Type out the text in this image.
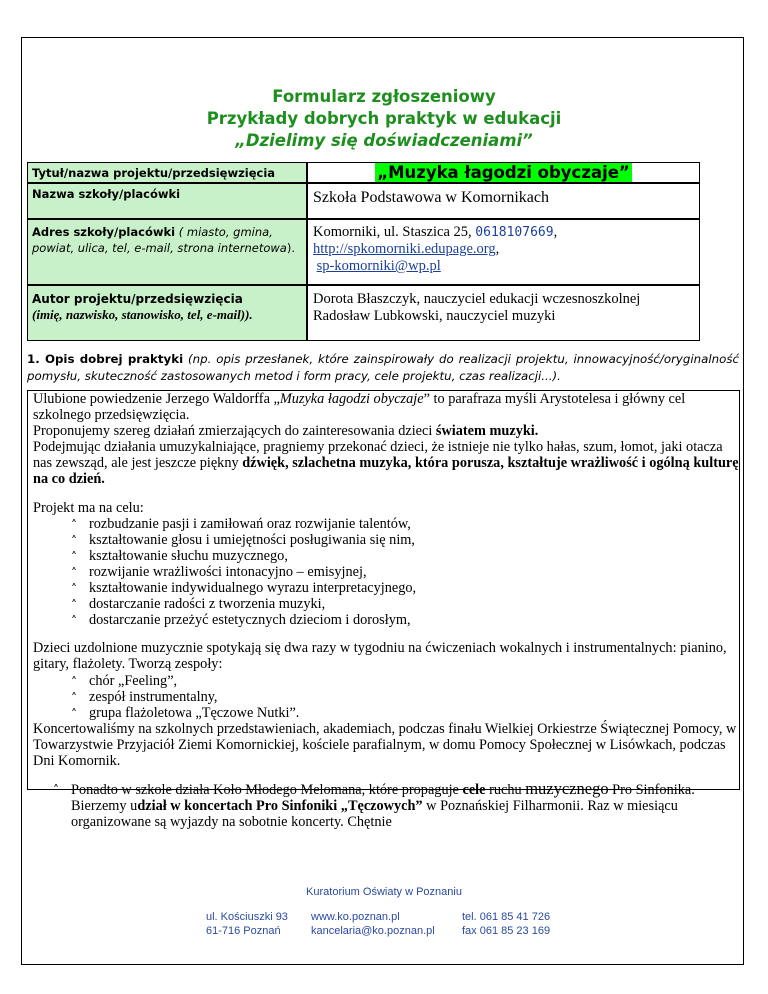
Formularz zgłoszeniowy
Przykłady dobrych praktyk w edukacji
„Dzielimy się doświadczeniami”
Tytuł/nazwa projektu/przedsięwzięcia	„Muzyka łagodzi obyczaje”
Nazwa szkoły/placówki	Szkoła Podstawowa w Komornikach
Adres szkoły/placówki ( miasto, gmina, powiat, ulica, tel, e-mail, strona internetowa).
Komorniki, ul. Staszica 25, 0618107669,
http://spkomorniki.edupage.org,
sp-komorniki@wp.pl
Autor projektu/przedsięwzięcia
(imię, nazwisko, stanowisko, tel, e-mail)).
Dorota Błaszczyk, nauczyciel edukacji wczesnoszkolnej
Radosław Lubkowski, nauczyciel muzyki
1. Opis dobrej praktyki (np. opis przesłanek, które zainspirowały do realizacji projektu, innowacyjność/oryginalność pomysłu, skuteczność zastosowanych metod i form pracy, cele projektu, czas realizacji...).

Ulubione powiedzenie Jerzego Waldorffa „Muzyka łagodzi obyczaje” to parafraza myśli Arystotelesa i główny cel szkolnego przedsięwzięcia.

Proponujemy szereg działań zmierzających do zainteresowania dzieci światem muzyki.

Podejmując działania umuzykalniające, pragniemy przekonać dzieci, że istnieje nie tylko hałas, szum, łomot, jaki otacza nas zewsząd, ale jest jeszcze piękny dźwięk, szlachetna muzyka, która porusza, kształtuje wrażliwość i ogólną kulturę na co dzień.

Projekt ma na celu:

˄ rozbudzanie pasji i zamiłowań oraz rozwijanie talentów,
˄ kształtowanie głosu i umiejętności posługiwania się nim,
˄ kształtowanie słuchu muzycznego,
˄ rozwijanie wrażliwości intonacyjno – emisyjnej,
˄ kształtowanie indywidualnego wyrazu interpretacyjnego,
˄ dostarczanie radości z tworzenia muzyki,
˄ dostarczanie przeżyć estetycznych dzieciom i dorosłym,

Dzieci uzdolnione muzycznie spotykają się dwa razy w tygodniu na ćwiczeniach wokalnych i instrumentalnych: pianino, gitary, flażolety. Tworzą zespoły:

˄ chór „Feeling”,
˄ zespół instrumentalny,
˄ grupa flażoletowa „Tęczowe Nutki”.

Koncertowaliśmy na szkolnych przedstawieniach, akademiach, podczas finału Wielkiej Orkiestrze Świątecznej Pomocy, w Towarzystwie Przyjaciół Ziemi Komornickiej, kościele parafialnym, w domu Pomocy Społecznej w Lisówkach, podczas Dni Komornik.

˄ Ponadto w szkole działa Koło Młodego Melomana, które propaguje cele ruchu muzycznego Pro Sinfonika. Bierzemy udział w koncertach Pro Sinfoniki „Tęczowych” w Poznańskiej Filharmonii. Raz w miesiącu organizowane są wyjazdy na sobotnie koncerty. Chętnie
Kuratorium Oświaty w Poznaniu
ul. Kościuszki 93
61-716 Poznań
www.ko.poznan.pl
kancelaria@ko.poznan.pl
tel. 061 85 41 726
fax 061 85 23 169
